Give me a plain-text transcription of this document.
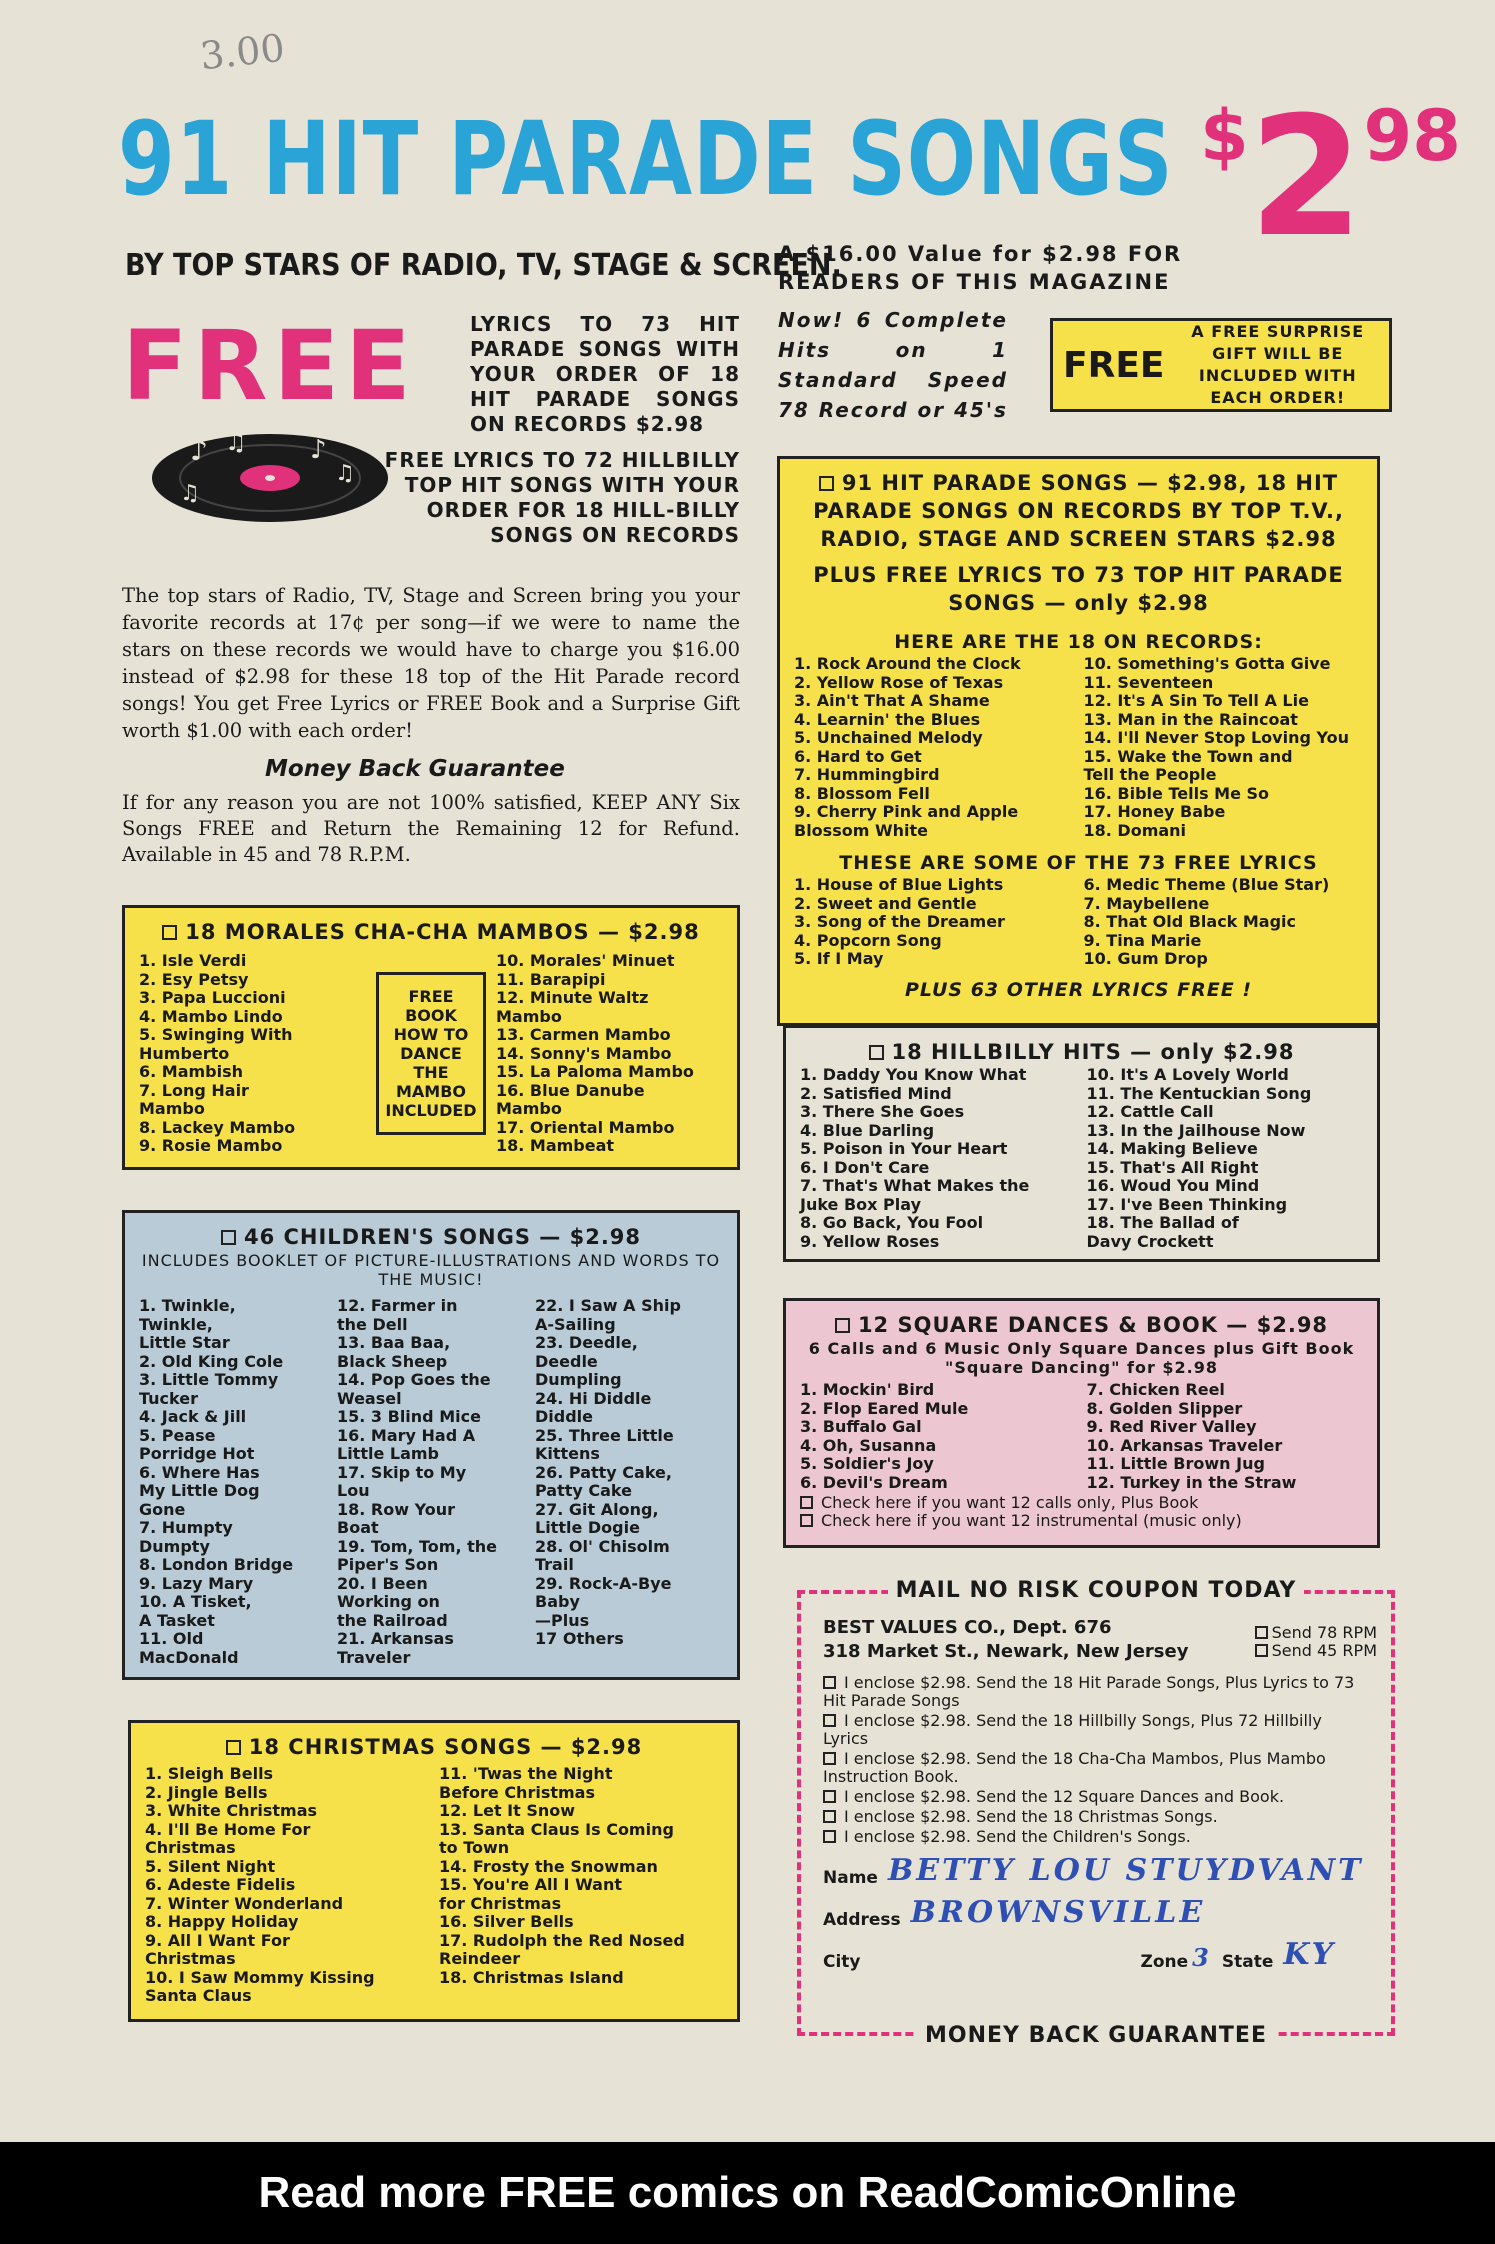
3.00
91 HIT PARADE SONGS $298
BY TOP STARS OF RADIO, TV, STAGE & SCREEN.
A $16.00 Value for $2.98 FOR READERS OF THIS MAGAZINE
FREE	LYRICS TO 73 HIT PARADE SONGS WITH YOUR ORDER OF 18 HIT PARADE SONGS ON RECORDS $2.98
FREE LYRICS TO 72 HILLBILLY TOP HIT SONGS WITH YOUR ORDER FOR 18 HILL-BILLY SONGS ON RECORDS
Now! 6 Complete Hits on 1 Standard Speed 78 Record or 45's
♪ ♫ ♪
♫
♫
FREE
A FREE SURPRISE GIFT WILL BE INCLUDED WITH EACH ORDER!
The top stars of Radio, TV, Stage and Screen bring you your favorite records at 17¢ per song—if we were to name the stars on these records we would have to charge you $16.00 instead of $2.98 for these 18 top of the Hit Parade record songs! You get Free Lyrics or FREE Book and a Surprise Gift worth $1.00 with each order!
Money Back Guarantee
If for any reason you are not 100% satisfied, KEEP ANY Six Songs FREE and Return the Remaining 12 for Refund. Available in 45 and 78 R.P.M.
91 HIT PARADE SONGS — $2.98, 18 HIT PARADE SONGS ON RECORDS BY TOP T.V., RADIO, STAGE AND SCREEN STARS $2.98
PLUS FREE LYRICS TO 73 TOP HIT PARADE SONGS — only $2.98
HERE ARE THE 18 ON RECORDS:
1. Rock Around the Clock
2. Yellow Rose of Texas
3. Ain't That A Shame
4. Learnin' the Blues
5. Unchained Melody
6. Hard to Get
7. Hummingbird
8. Blossom Fell
9. Cherry Pink and Apple
Blossom White
10. Something's Gotta Give
11. Seventeen
12. It's A Sin To Tell A Lie
13. Man in the Raincoat
14. I'll Never Stop Loving You
15. Wake the Town and
Tell the People
16. Bible Tells Me So
17. Honey Babe
18. Domani
THESE ARE SOME OF THE 73 FREE LYRICS
1. House of Blue Lights
2. Sweet and Gentle
3. Song of the Dreamer
4. Popcorn Song
5. If I May
6. Medic Theme (Blue Star)
7. Maybellene
8. That Old Black Magic
9. Tina Marie
10. Gum Drop
PLUS 63 OTHER LYRICS FREE !
18 MORALES CHA-CHA MAMBOS — $2.98
1. Isle Verdi
2. Esy Petsy
3. Papa Luccioni
4. Mambo Lindo
5. Swinging With
Humberto
6. Mambish
7. Long Hair
Mambo
8. Lackey Mambo
9. Rosie Mambo
FREE BOOK HOW TO DANCE THE MAMBO INCLUDED
10. Morales' Minuet
11. Barapipi
12. Minute Waltz
Mambo
13. Carmen Mambo
14. Sonny's Mambo
15. La Paloma Mambo
16. Blue Danube
Mambo
17. Oriental Mambo
18. Mambeat
18 HILLBILLY HITS — only $2.98
1. Daddy You Know What
2. Satisfied Mind
3. There She Goes
4. Blue Darling
5. Poison in Your Heart
6. I Don't Care
7. That's What Makes the
Juke Box Play
8. Go Back, You Fool
9. Yellow Roses
10. It's A Lovely World
11. The Kentuckian Song
12. Cattle Call
13. In the Jailhouse Now
14. Making Believe
15. That's All Right
16. Woud You Mind
17. I've Been Thinking
18. The Ballad of
Davy Crockett
46 CHILDREN'S SONGS — $2.98
INCLUDES BOOKLET OF PICTURE-ILLUSTRATIONS AND WORDS TO THE MUSIC!
1. Twinkle,
Twinkle,
Little Star
2. Old King Cole
3. Little Tommy
Tucker
4. Jack & Jill
5. Pease
Porridge Hot
6. Where Has
My Little Dog
Gone
7. Humpty
Dumpty
8. London Bridge
9. Lazy Mary
10. A Tisket,
A Tasket
11. Old
MacDonald
12. Farmer in
the Dell
13. Baa Baa,
Black Sheep
14. Pop Goes the
Weasel
15. 3 Blind Mice
16. Mary Had A
Little Lamb
17. Skip to My
Lou
18. Row Your
Boat
19. Tom, Tom, the
Piper's Son
20. I Been
Working on
the Railroad
21. Arkansas
Traveler
22. I Saw A Ship
A-Sailing
23. Deedle,
Deedle
Dumpling
24. Hi Diddle
Diddle
25. Three Little
Kittens
26. Patty Cake,
Patty Cake
27. Git Along,
Little Dogie
28. Ol' Chisolm
Trail
29. Rock-A-Bye
Baby
—Plus
17 Others
12 SQUARE DANCES & BOOK — $2.98
6 Calls and 6 Music Only Square Dances plus Gift Book "Square Dancing" for $2.98
1. Mockin' Bird
2. Flop Eared Mule
3. Buffalo Gal
4. Oh, Susanna
5. Soldier's Joy
6. Devil's Dream
7. Chicken Reel
8. Golden Slipper
9. Red River Valley
10. Arkansas Traveler
11. Little Brown Jug
12. Turkey in the Straw
Check here if you want 12 calls only, Plus Book
Check here if you want 12 instrumental (music only)
18 CHRISTMAS SONGS — $2.98
1. Sleigh Bells
2. Jingle Bells
3. White Christmas
4. I'll Be Home For
Christmas
5. Silent Night
6. Adeste Fidelis
7. Winter Wonderland
8. Happy Holiday
9. All I Want For
Christmas
10. I Saw Mommy Kissing
Santa Claus
11. 'Twas the Night
Before Christmas
12. Let It Snow
13. Santa Claus Is Coming
to Town
14. Frosty the Snowman
15. You're All I Want
for Christmas
16. Silver Bells
17. Rudolph the Red Nosed
Reindeer
18. Christmas Island
MAIL NO RISK COUPON TODAY
Send 78 RPM
Send 45 RPM
BEST VALUES CO., Dept. 676
318 Market St., Newark, New Jersey
I enclose $2.98. Send the 18 Hit Parade Songs, Plus Lyrics to 73 Hit Parade Songs
I enclose $2.98. Send the 18 Hillbilly Songs, Plus 72 Hillbilly Lyrics
I enclose $2.98. Send the 18 Cha-Cha Mambos, Plus Mambo Instruction Book.
I enclose $2.98. Send the 12 Square Dances and Book.
I enclose $2.98. Send the 18 Christmas Songs.
I enclose $2.98. Send the Children's Songs.
Name BETTY LOU STUYDVANT
Address BROWNSVILLE
City	Zone 3 State KY
MONEY BACK GUARANTEE
Read more FREE comics on ReadComicOnline
